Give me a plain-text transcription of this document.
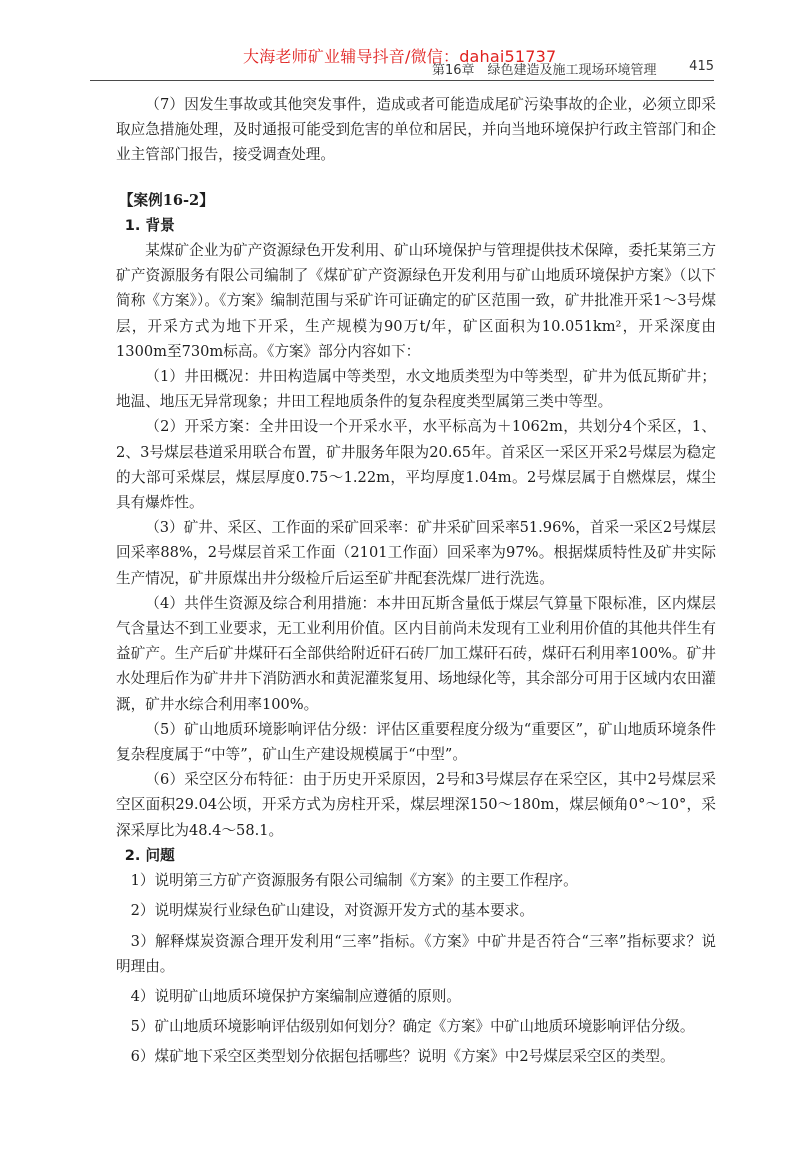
大海老师矿业辅导抖音/微信：dahai51737
第16章　绿色建造及施工现场环境管理	415

（7）因发生事故或其他突发事件，造成或者可能造成尾矿污染事故的企业，必须立即采取应急措施处理，及时通报可能受到危害的单位和居民，并向当地环境保护行政主管部门和企业主管部门报告，接受调查处理。

【案例16-2】

1. 背景

某煤矿企业为矿产资源绿色开发利用、矿山环境保护与管理提供技术保障，委托某第三方矿产资源服务有限公司编制了《煤矿矿产资源绿色开发利用与矿山地质环境保护方案》（以下简称《方案》）。《方案》编制范围与采矿许可证确定的矿区范围一致，矿井批准开采1～3号煤层，开采方式为地下开采，生产规模为90万t/年，矿区面积为10.051km²，开采深度由1300m至730m标高。《方案》部分内容如下：

（1）井田概况：井田构造属中等类型，水文地质类型为中等类型，矿井为低瓦斯矿井；地温、地压无异常现象；井田工程地质条件的复杂程度类型属第三类中等型。

（2）开采方案：全井田设一个开采水平，水平标高为＋1062m，共划分4个采区，1、2、3号煤层巷道采用联合布置，矿井服务年限为20.65年。首采区一采区开采2号煤层为稳定的大部可采煤层，煤层厚度0.75～1.22m，平均厚度1.04m。2号煤层属于自燃煤层，煤尘具有爆炸性。

（3）矿井、采区、工作面的采矿回采率：矿井采矿回采率51.96%，首采一采区2号煤层回采率88%，2号煤层首采工作面（2101工作面）回采率为97%。根据煤质特性及矿井实际生产情况，矿井原煤出井分级检斤后运至矿井配套洗煤厂进行洗选。

（4）共伴生资源及综合利用措施：本井田瓦斯含量低于煤层气算量下限标准，区内煤层气含量达不到工业要求，无工业利用价值。区内目前尚未发现有工业利用价值的其他共伴生有益矿产。生产后矿井煤矸石全部供给附近矸石砖厂加工煤矸石砖，煤矸石利用率100%。矿井水处理后作为矿井井下消防洒水和黄泥灌浆复用、场地绿化等，其余部分可用于区域内农田灌溉，矿井水综合利用率100%。

（5）矿山地质环境影响评估分级：评估区重要程度分级为“重要区”，矿山地质环境条件复杂程度属于“中等”，矿山生产建设规模属于“中型”。

（6）采空区分布特征：由于历史开采原因，2号和3号煤层存在采空区，其中2号煤层采空区面积29.04公顷，开采方式为房柱开采，煤层埋深150～180m，煤层倾角0°～10°，采深采厚比为48.4～58.1。

2. 问题

1）说明第三方矿产资源服务有限公司编制《方案》的主要工作程序。

2）说明煤炭行业绿色矿山建设，对资源开发方式的基本要求。

3）解释煤炭资源合理开发利用“三率”指标。《方案》中矿井是否符合“三率”指标要求？说明理由。

4）说明矿山地质环境保护方案编制应遵循的原则。

5）矿山地质环境影响评估级别如何划分？确定《方案》中矿山地质环境影响评估分级。

6）煤矿地下采空区类型划分依据包括哪些？说明《方案》中2号煤层采空区的类型。
